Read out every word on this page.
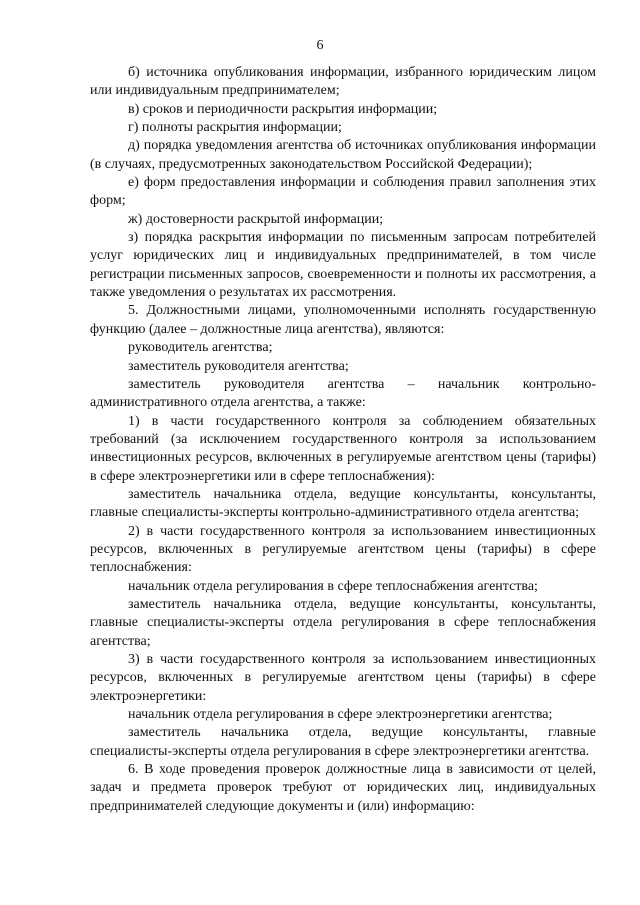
6

б) источника опубликования информации, избранного юридическим лицом или индивидуальным предпринимателем;

в) сроков и периодичности раскрытия информации;

г) полноты раскрытия информации;

д) порядка уведомления агентства об источниках опубликования информации (в случаях, предусмотренных законодательством Российской Федерации);

е) форм предоставления информации и соблюдения правил заполнения этих форм;

ж) достоверности раскрытой информации;

з) порядка раскрытия информации по письменным запросам потребителей услуг юридических лиц и индивидуальных предпринимателей, в том числе регистрации письменных запросов, своевременности и полноты их рассмотрения, а также уведомления о результатах их рассмотрения.

5. Должностными лицами, уполномоченными исполнять государственную функцию (далее – должностные лица агентства), являются:

руководитель агентства;

заместитель руководителя агентства;

заместитель руководителя агентства – начальник контрольно-административного отдела агентства, а также:

1) в части государственного контроля за соблюдением обязательных требований (за исключением государственного контроля за использованием инвестиционных ресурсов, включенных в регулируемые агентством цены (тарифы) в сфере электроэнергетики или в сфере теплоснабжения):

заместитель начальника отдела, ведущие консультанты, консультанты, главные специалисты-эксперты контрольно-административного отдела агентства;

2) в части государственного контроля за использованием инвестиционных ресурсов, включенных в регулируемые агентством цены (тарифы) в сфере теплоснабжения:

начальник отдела регулирования в сфере теплоснабжения агентства;

заместитель начальника отдела, ведущие консультанты, консультанты, главные специалисты-эксперты отдела регулирования в сфере теплоснабжения агентства;

3) в части государственного контроля за использованием инвестиционных ресурсов, включенных в регулируемые агентством цены (тарифы) в сфере электроэнергетики:

начальник отдела регулирования в сфере электроэнергетики агентства;

заместитель начальника отдела, ведущие консультанты, главные специалисты-эксперты отдела регулирования в сфере электроэнергетики агентства.

6. В ходе проведения проверок должностные лица в зависимости от целей, задач и предмета проверок требуют от юридических лиц, индивидуальных предпринимателей следующие документы и (или) информацию:
